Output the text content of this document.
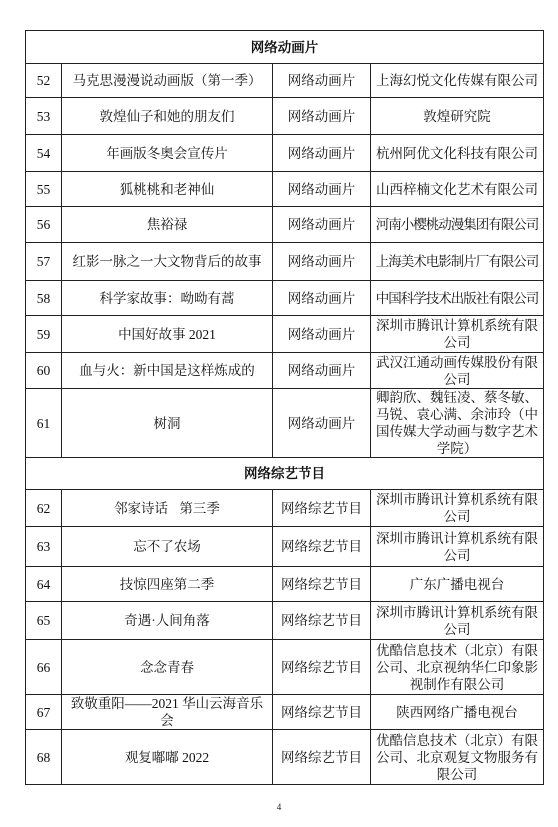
网络动画片			
52	马克思漫漫说动画版（第一季）	网络动画片	上海幻悦文化传媒有限公司
53	敦煌仙子和她的朋友们	网络动画片	敦煌研究院
54	年画版冬奥会宣传片	网络动画片	杭州阿优文化科技有限公司
55	狐桃桃和老神仙	网络动画片	山西梓楠文化艺术有限公司
56	焦裕禄	网络动画片	河南小樱桃动漫集团有限公司
57	红影一脉之一大文物背后的故事	网络动画片	上海美术电影制片厂有限公司
58	科学家故事：呦呦有蒿	网络动画片	中国科学技术出版社有限公司
59	中国好故事 2021	网络动画片	深圳市腾讯计算机系统有限公司
60	血与火：新中国是这样炼成的	网络动画片	武汉江通动画传媒股份有限公司
61	树洞	网络动画片	卿韵欣、魏钰凌、蔡冬敏、马锐、袁心满、余沛玲（中国传媒大学动画与数字艺术学院）
网络综艺节目			
62	邻家诗话 第三季	网络综艺节目	深圳市腾讯计算机系统有限公司
63	忘不了农场	网络综艺节目	深圳市腾讯计算机系统有限公司
64	技惊四座第二季	网络综艺节目	广东广播电视台
65	奇遇·人间角落	网络综艺节目	深圳市腾讯计算机系统有限公司
66	念念青春	网络综艺节目	优酷信息技术（北京）有限公司、北京视纳华仁印象影视制作有限公司
67	致敬重阳——2021 华山云海音乐会	网络综艺节目	陕西网络广播电视台
68	观复嘟嘟 2022	网络综艺节目	优酷信息技术（北京）有限公司、北京观复文物服务有限公司
4
